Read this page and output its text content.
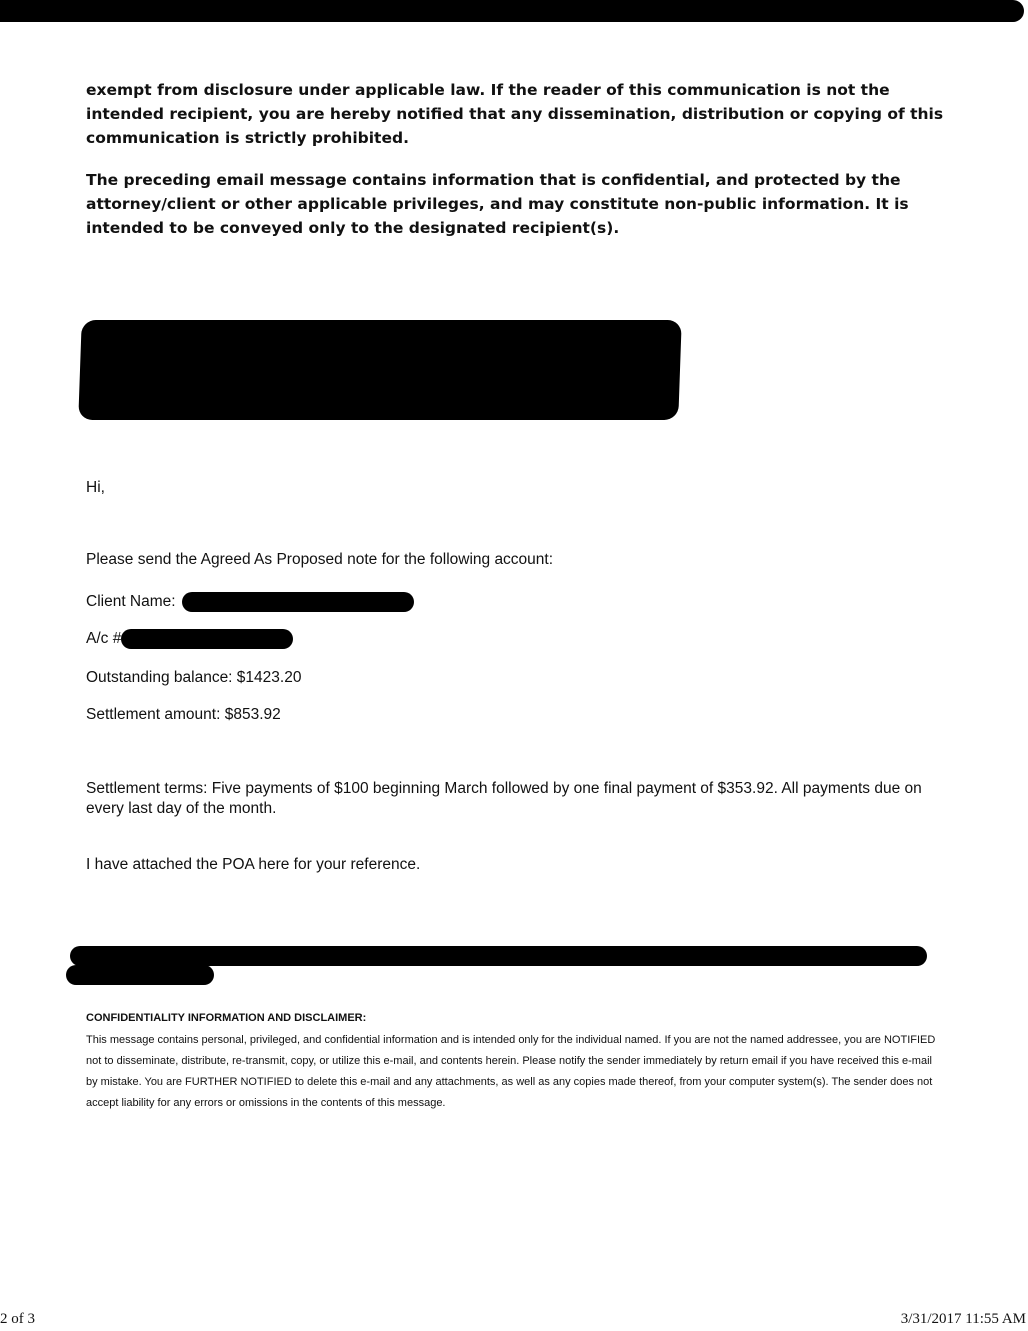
exempt from disclosure under applicable law. If the reader of this communication is not the intended recipient, you are hereby notified that any dissemination, distribution or copying of this communication is strictly prohibited.

The preceding email message contains information that is confidential, and protected by the attorney/client or other applicable privileges, and may constitute non-public information. It is intended to be conveyed only to the designated recipient(s).

Hi,

Please send the Agreed As Proposed note for the following account:

Client Name:

A/c #

Outstanding balance: $1423.20

Settlement amount: $853.92

Settlement terms: Five payments of $100 beginning March followed by one final payment of $353.92. All payments due on every last day of the month.

I have attached the POA here for your reference.

CONFIDENTIALITY INFORMATION AND DISCLAIMER:

This message contains personal, privileged, and confidential information and is intended only for the individual named. If you are not the named addressee, you are NOTIFIED not to disseminate, distribute, re-transmit, copy, or utilize this e-mail, and contents herein. Please notify the sender immediately by return email if you have received this e-mail by mistake. You are FURTHER NOTIFIED to delete this e-mail and any attachments, as well as any copies made thereof, from your computer system(s). The sender does not accept liability for any errors or omissions in the contents of this message.

2 of 3	3/31/2017 11:55 AM
